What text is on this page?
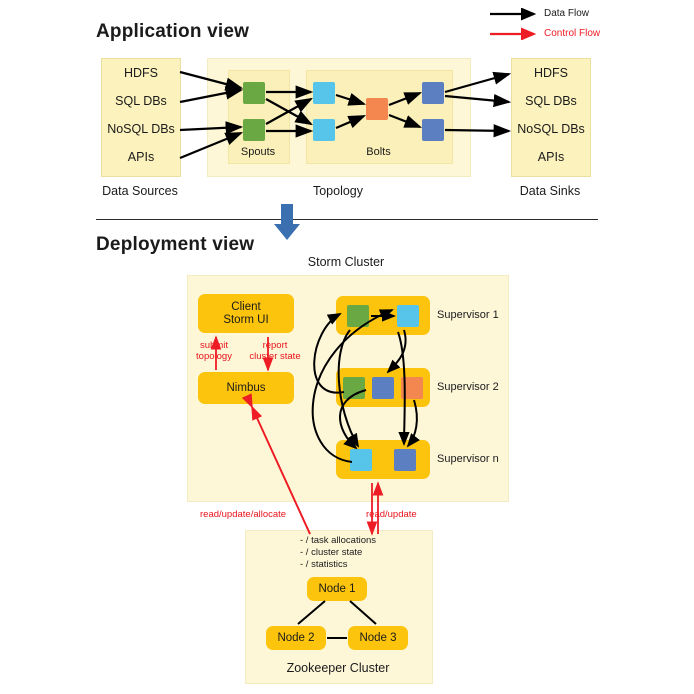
Data Flow
Control Flow
Application view
HDFS
SQL DBs
NoSQL DBs
APIs
Data Sources
Spouts	Bolts
Topology
HDFS
SQL DBs
NoSQL DBs
APIs
Data Sinks
Deployment view
Storm Cluster
Client
Storm UI
Nimbus
submit
topology
report
cluster state
Supervisor 1
Supervisor 2
Supervisor n
- / task allocations
- / cluster state
- / statistics
Node 1
Node 2	Node 3
Zookeeper Cluster
read/update/allocate	read/update
